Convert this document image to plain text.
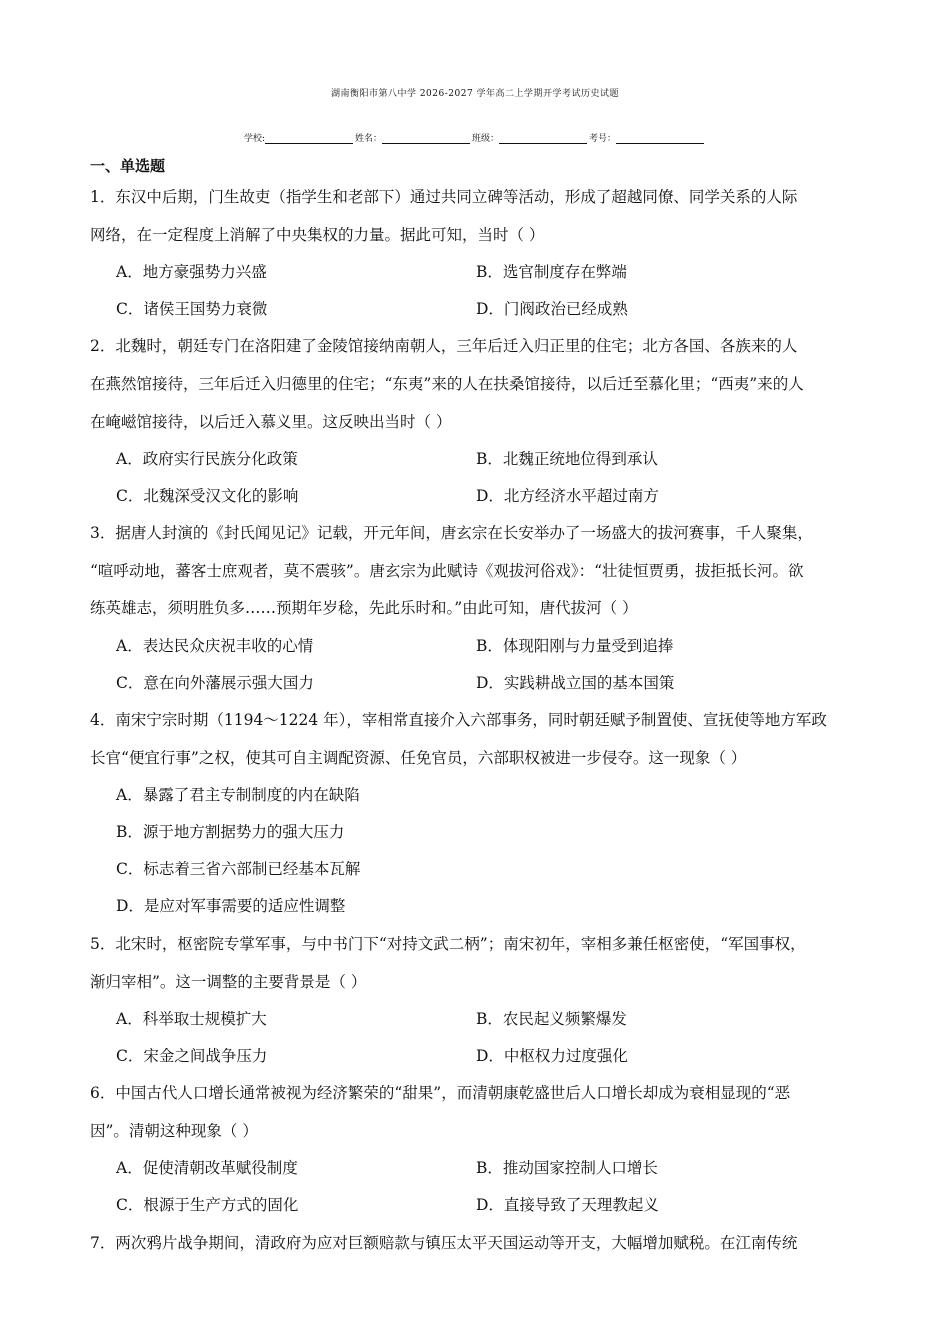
湖南衡阳市第八中学 2026-2027 学年高二上学期开学考试历史试题
学校:	姓名：	班级：	考号：
一、单选题
1．东汉中后期，门生故吏（指学生和老部下）通过共同立碑等活动，形成了超越同僚、同学关系的人际
网络，在一定程度上消解了中央集权的力量。据此可知，当时（ ）
A．地方豪强势力兴盛	B．选官制度存在弊端
C．诸侯王国势力衰微	D．门阀政治已经成熟
2．北魏时，朝廷专门在洛阳建了金陵馆接纳南朝人，三年后迁入归正里的住宅；北方各国、各族来的人
在燕然馆接待，三年后迁入归德里的住宅；“东夷”来的人在扶桑馆接待，以后迁至慕化里；“西夷”来的人
在崦嵫馆接待，以后迁入慕义里。这反映出当时（ ）
A．政府实行民族分化政策	B．北魏正统地位得到承认
C．北魏深受汉文化的影响	D．北方经济水平超过南方
3．据唐人封演的《封氏闻见记》记载，开元年间，唐玄宗在长安举办了一场盛大的拔河赛事，千人聚集，
“喧呼动地，蕃客士庶观者，莫不震骇”。唐玄宗为此赋诗《观拔河俗戏》：“壮徒恒贾勇，拔拒抵长河。欲
练英雄志，须明胜负多……预期年岁稔，先此乐时和。”由此可知，唐代拔河（ ）
A．表达民众庆祝丰收的心情	B．体现阳刚与力量受到追捧
C．意在向外藩展示强大国力	D．实践耕战立国的基本国策
4．南宋宁宗时期（1194～1224 年），宰相常直接介入六部事务，同时朝廷赋予制置使、宣抚使等地方军政
长官“便宜行事”之权，使其可自主调配资源、任免官员，六部职权被进一步侵夺。这一现象（ ）
A．暴露了君主专制制度的内在缺陷
B．源于地方割据势力的强大压力
C．标志着三省六部制已经基本瓦解
D．是应对军事需要的适应性调整
5．北宋时，枢密院专掌军事，与中书门下“对持文武二柄”；南宋初年，宰相多兼任枢密使，“军国事权，
渐归宰相”。这一调整的主要背景是（ ）
A．科举取士规模扩大	B．农民起义频繁爆发
C．宋金之间战争压力	D．中枢权力过度强化
6．中国古代人口增长通常被视为经济繁荣的“甜果”，而清朝康乾盛世后人口增长却成为衰相显现的“恶
因”。清朝这种现象（ ）
A．促使清朝改革赋役制度	B．推动国家控制人口增长
C．根源于生产方式的固化	D．直接导致了天理教起义
7．两次鸦片战争期间，清政府为应对巨额赔款与镇压太平天国运动等开支，大幅增加赋税。在江南传统
